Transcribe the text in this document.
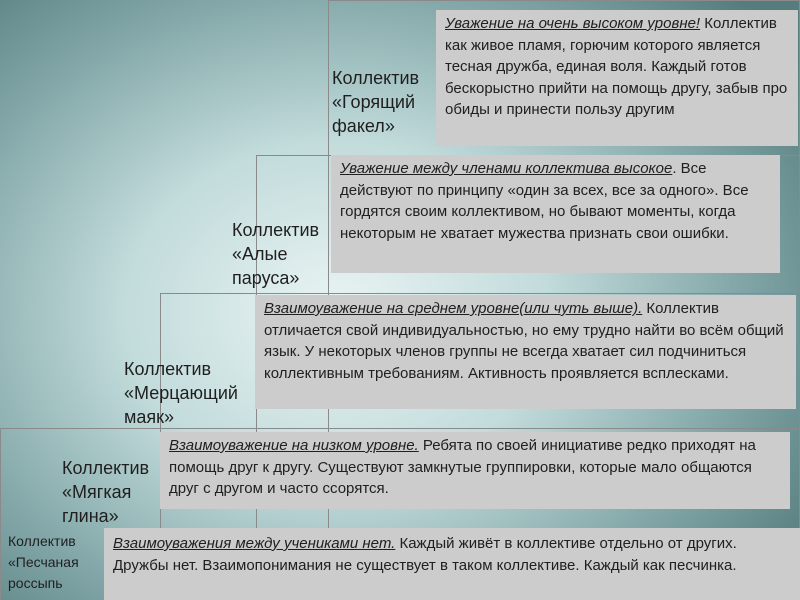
Уважение на очень высоком уровне! Коллектив как живое пламя, горючим которого является тесная дружба, единая воля. Каждый готов бескорыстно прийти на помощь другу, забыв про обиды и принести пользу другим
Коллектив
«Горящий
факел»
Уважение между членами коллектива высокое. Все действуют по принципу «один за всех, все за одного». Все гордятся своим коллективом, но бывают моменты, когда некоторым не хватает мужества признать свои ошибки.
Коллектив
«Алые
паруса»
Взаимоуважение на среднем уровне(или чуть выше). Коллектив отличается свой индивидуальностью, но ему трудно найти во всём общий язык. У некоторых членов группы не всегда хватает сил подчиниться коллективным требованиям. Активность проявляется всплесками.
Коллектив
«Мерцающий
маяк»
Взаимоуважение на низком уровне. Ребята по своей инициативе редко приходят на помощь друг к другу. Существуют замкнутые группировки, которые мало общаются друг с другом и часто ссорятся.
Коллектив
«Мягкая
глина»
Взаимоуважения между учениками нет. Каждый живёт в коллективе отдельно от других. Дружбы нет. Взаимопонимания не существует в таком коллективе. Каждый как песчинка.
Коллектив
«Песчаная
россыпь
